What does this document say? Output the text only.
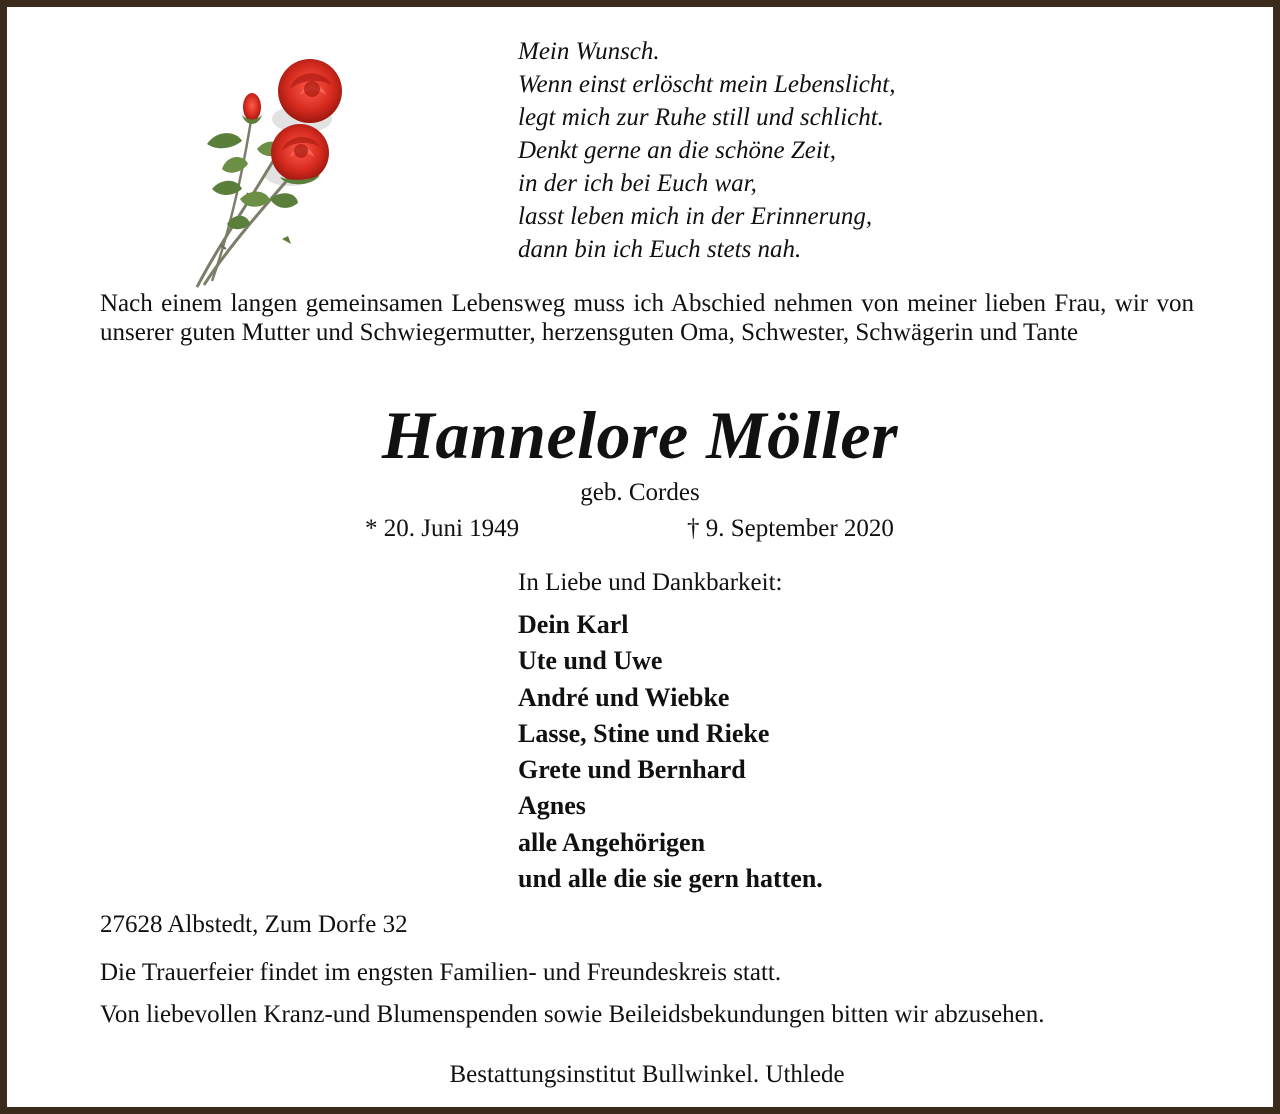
Mein Wunsch.
Wenn einst erlöscht mein Lebenslicht,
legt mich zur Ruhe still und schlicht.
Denkt gerne an die schöne Zeit,
in der ich bei Euch war,
lasst leben mich in der Erinnerung,
dann bin ich Euch stets nah.
Nach einem langen gemeinsamen Lebensweg muss ich Abschied nehmen von meiner lieben Frau, wir von unserer guten Mutter und Schwiegermutter, herzensguten Oma, Schwester, Schwägerin und Tante
Hannelore Möller
geb. Cordes
* 20. Juni 1949	† 9. September 2020
In Liebe und Dankbarkeit:
Dein Karl
Ute und Uwe
André und Wiebke
Lasse, Stine und Rieke
Grete und Bernhard
Agnes
alle Angehörigen
und alle die sie gern hatten.
27628 Albstedt, Zum Dorfe 32
Die Trauerfeier findet im engsten Familien- und Freundeskreis statt.
Von liebevollen Kranz-und Blumenspenden sowie Beileidsbekundungen bitten wir abzusehen.
Bestattungsinstitut Bullwinkel. Uthlede
